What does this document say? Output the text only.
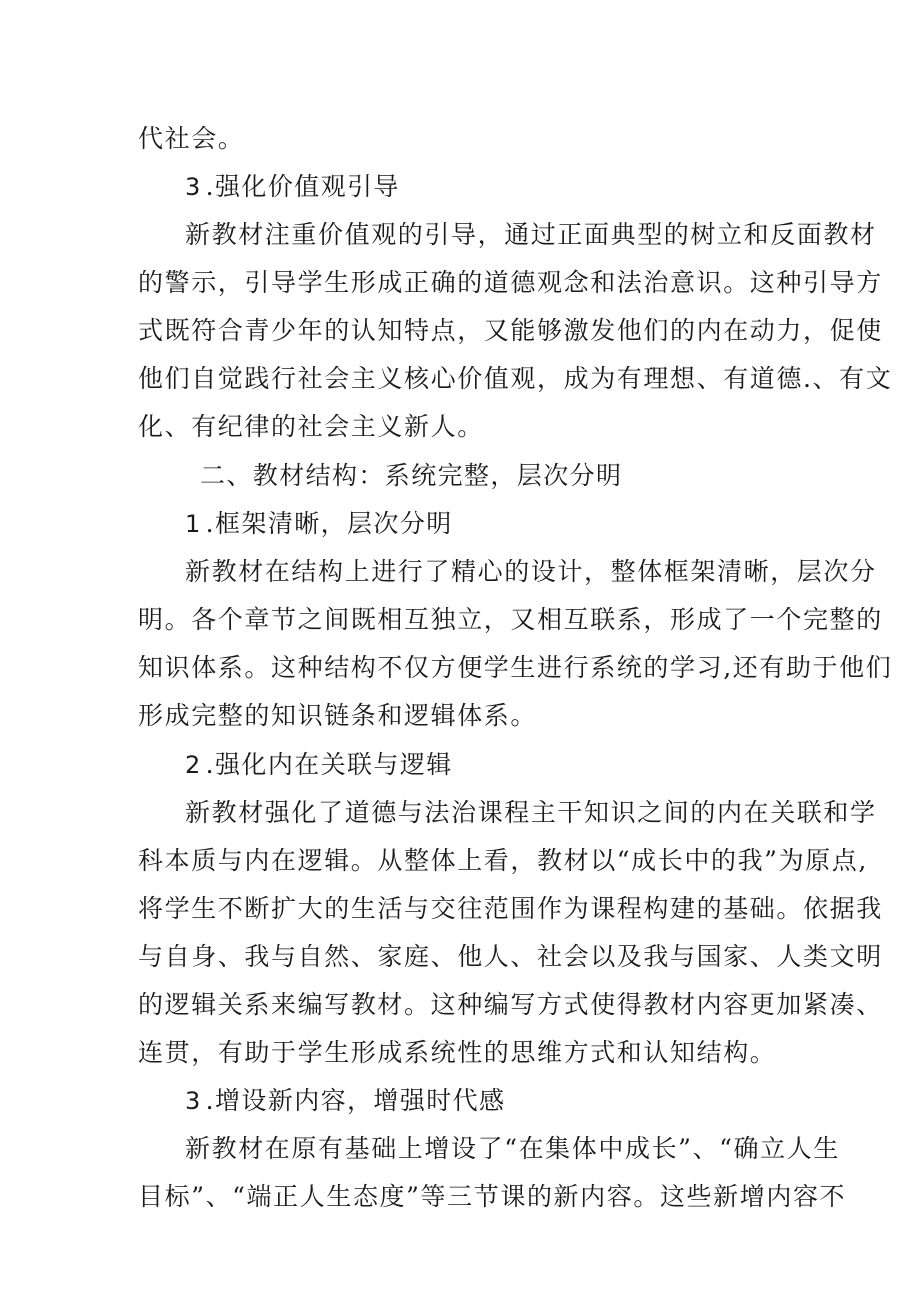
代社会。
3 .强化价值观引导
新教材注重价值观的引导，通过正面典型的树立和反面教材
的警示，引导学生形成正确的道德观念和法治意识。这种引导方
式既符合青少年的认知特点，又能够激发他们的内在动力，促使
他们自觉践行社会主义核心价值观，成为有理想、有道德.、有文
化、有纪律的社会主义新人。
二、教材结构：系统完整，层次分明
1 .框架清晰，层次分明
新教材在结构上进行了精心的设计，整体框架清晰，层次分
明。各个章节之间既相互独立，又相互联系，形成了一个完整的
知识体系。这种结构不仅方便学生进行系统的学习,还有助于他们
形成完整的知识链条和逻辑体系。
2 .强化内在关联与逻辑
新教材强化了道德与法治课程主干知识之间的内在关联和学
科本质与内在逻辑。从整体上看，教材以“成长中的我”为原点,
将学生不断扩大的生活与交往范围作为课程构建的基础。依据我
与自身、我与自然、家庭、他人、社会以及我与国家、人类文明
的逻辑关系来编写教材。这种编写方式使得教材内容更加紧凑、
连贯，有助于学生形成系统性的思维方式和认知结构。
3 .增设新内容，增强时代感
新教材在原有基础上增设了“在集体中成长”、“确立人生
目标”、“端正人生态度”等三节课的新内容。这些新增内容不
